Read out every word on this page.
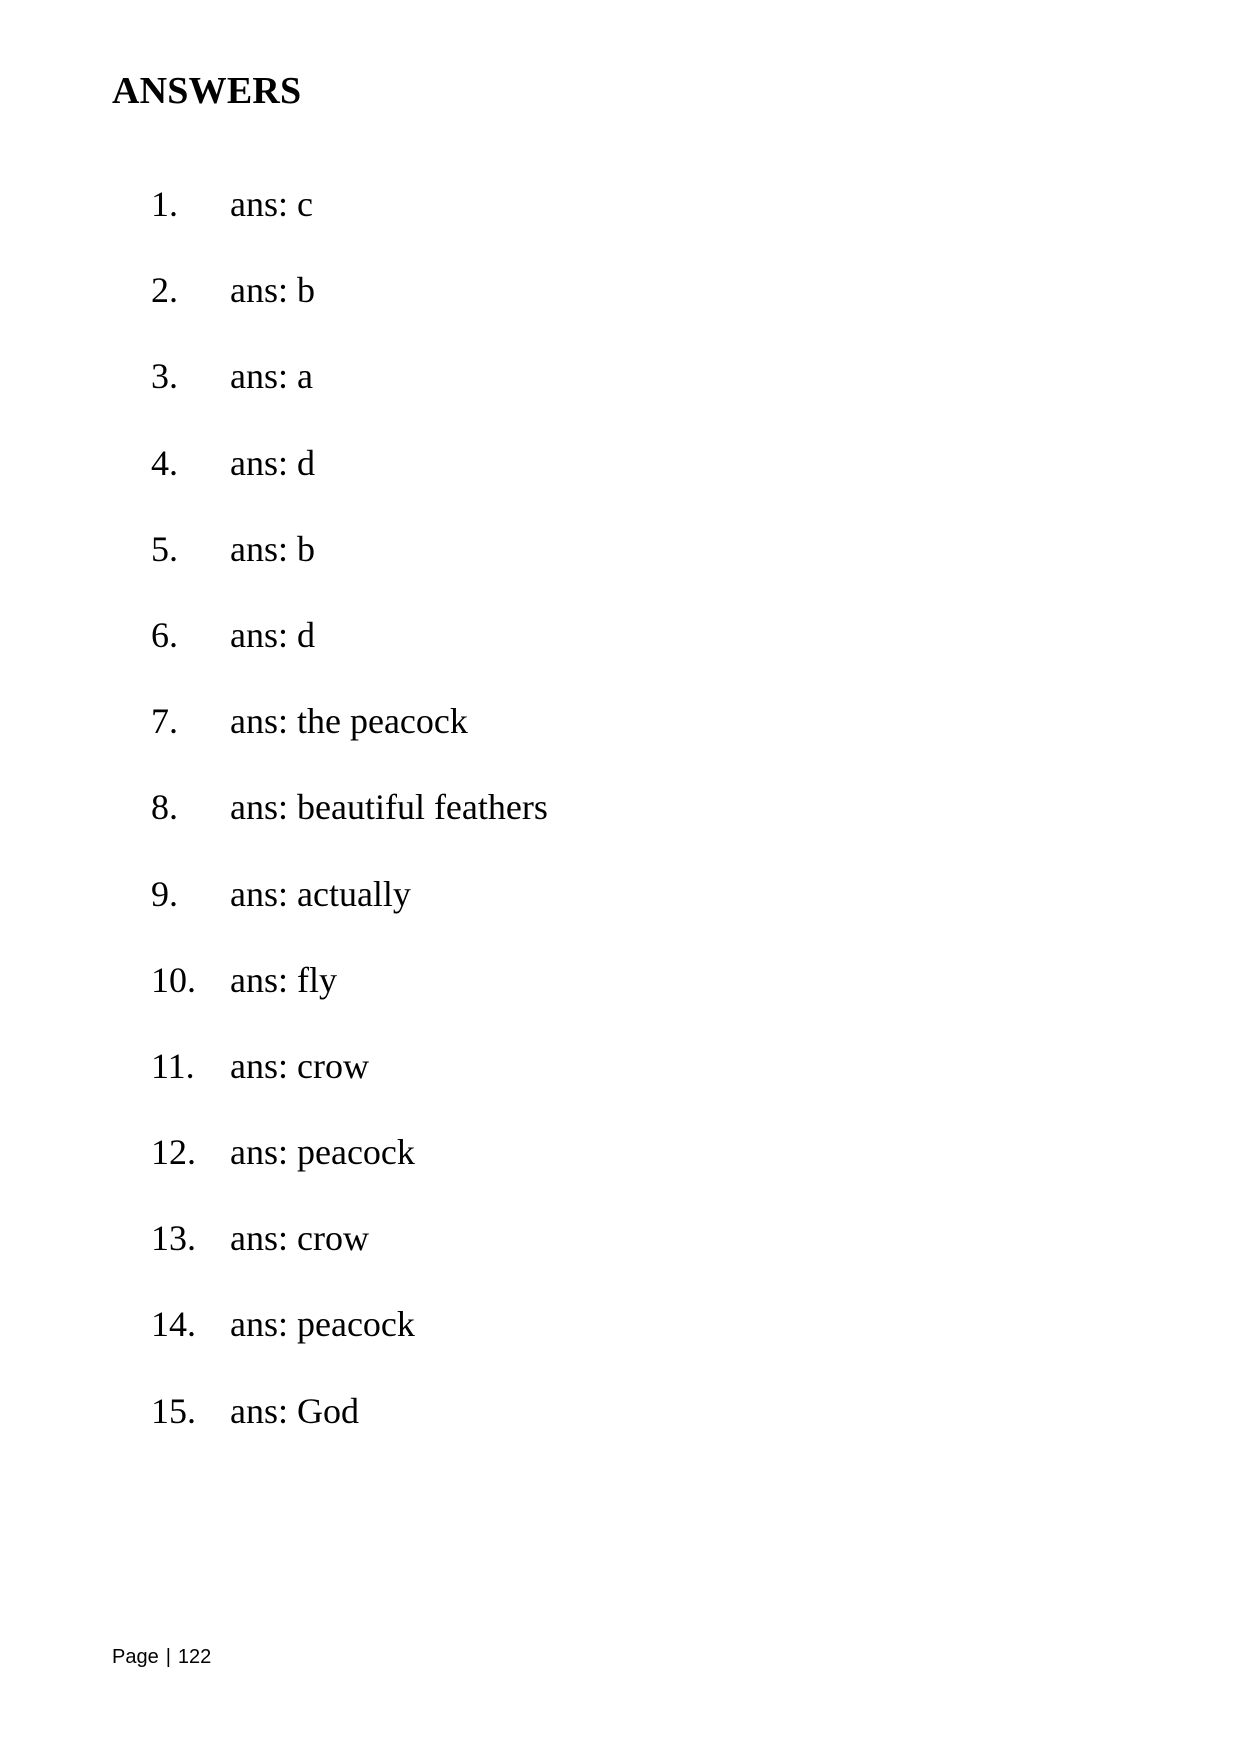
ANSWERS
1. ans: c
2. ans: b
3. ans: a
4. ans: d
5. ans: b
6. ans: d
7. ans: the peacock
8. ans: beautiful feathers
9. ans: actually
10. ans: fly
11. ans: crow
12. ans: peacock
13. ans: crow
14. ans: peacock
15. ans: God
Page | 122
